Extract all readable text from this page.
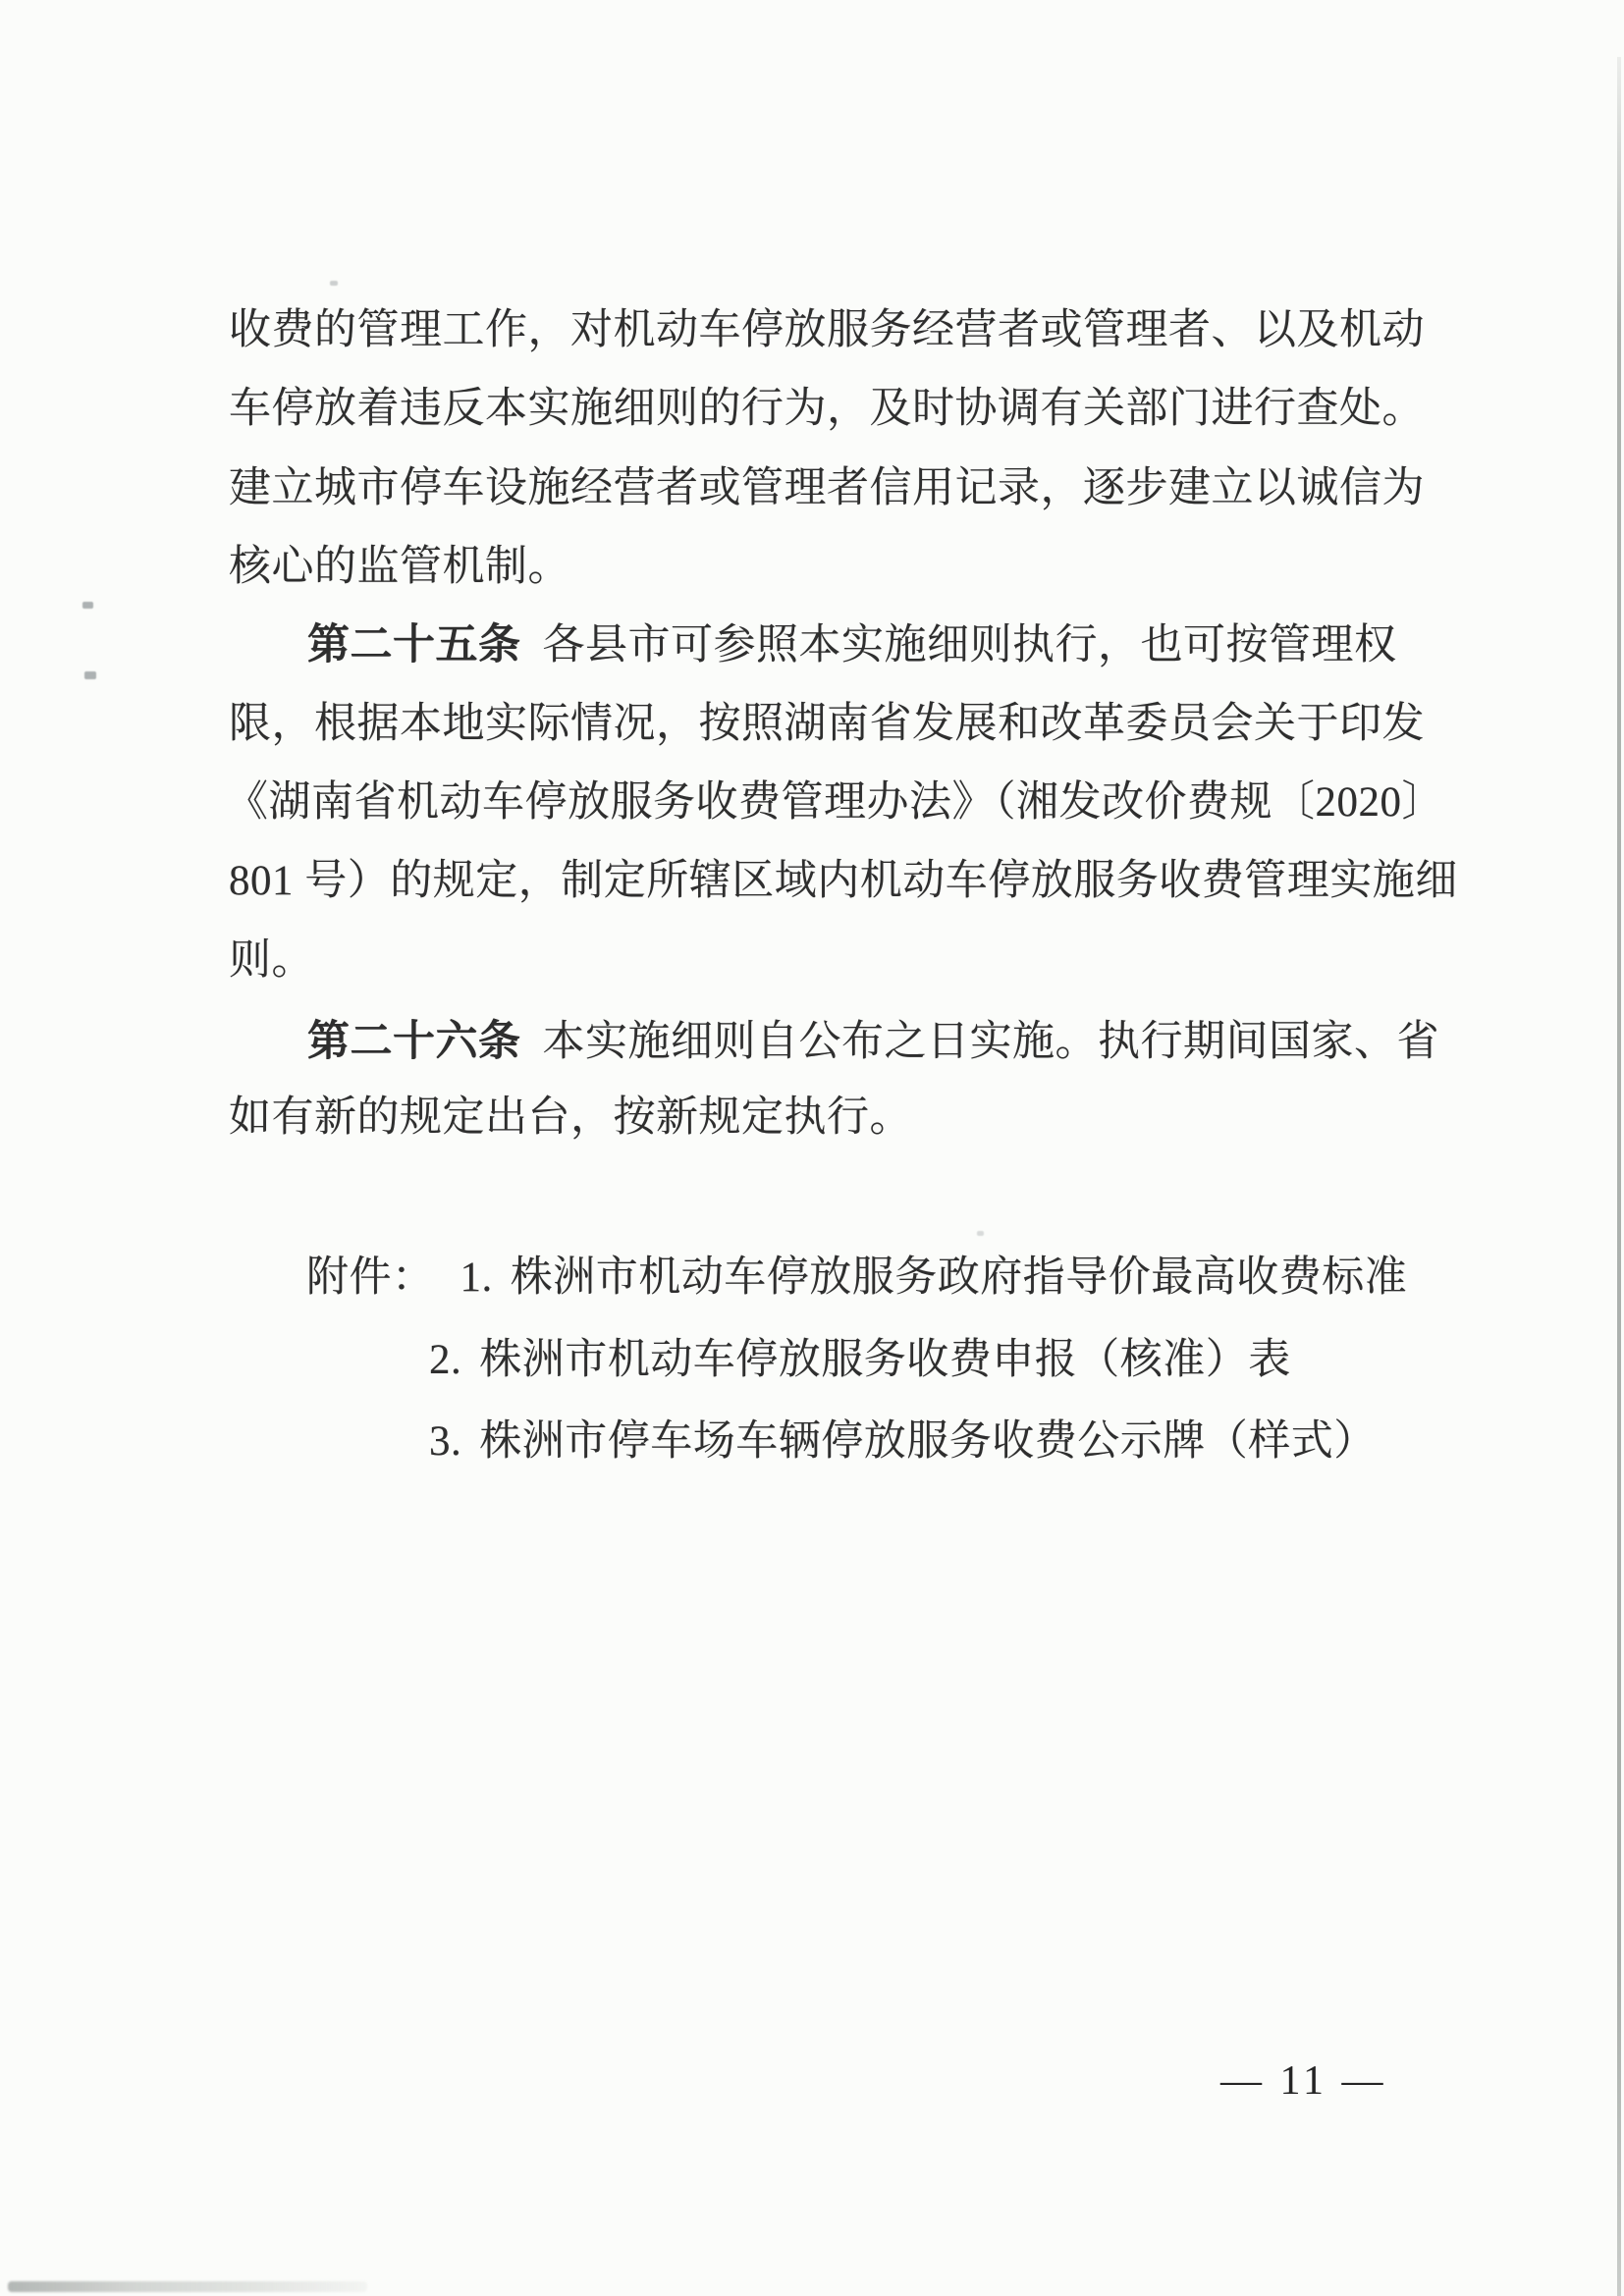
收费的管理工作，对机动车停放服务经营者或管理者、以及机动

车停放着违反本实施细则的行为，及时协调有关部门进行查处。

建立城市停车设施经营者或管理者信用记录，逐步建立以诚信为

核心的监管机制。

第二十五条 各县市可参照本实施细则执行，也可按管理权

限，根据本地实际情况，按照湖南省发展和改革委员会关于印发

《湖南省机动车停放服务收费管理办法》（湘发改价费规〔2020〕

801 号）的规定，制定所辖区域内机动车停放服务收费管理实施细

则。

第二十六条 本实施细则自公布之日实施。执行期间国家、省

如有新的规定出台，按新规定执行。

附件： 1. 株洲市机动车停放服务政府指导价最高收费标准

2. 株洲市机动车停放服务收费申报（核准）表

3. 株洲市停车场车辆停放服务收费公示牌（样式）

— 11 —
